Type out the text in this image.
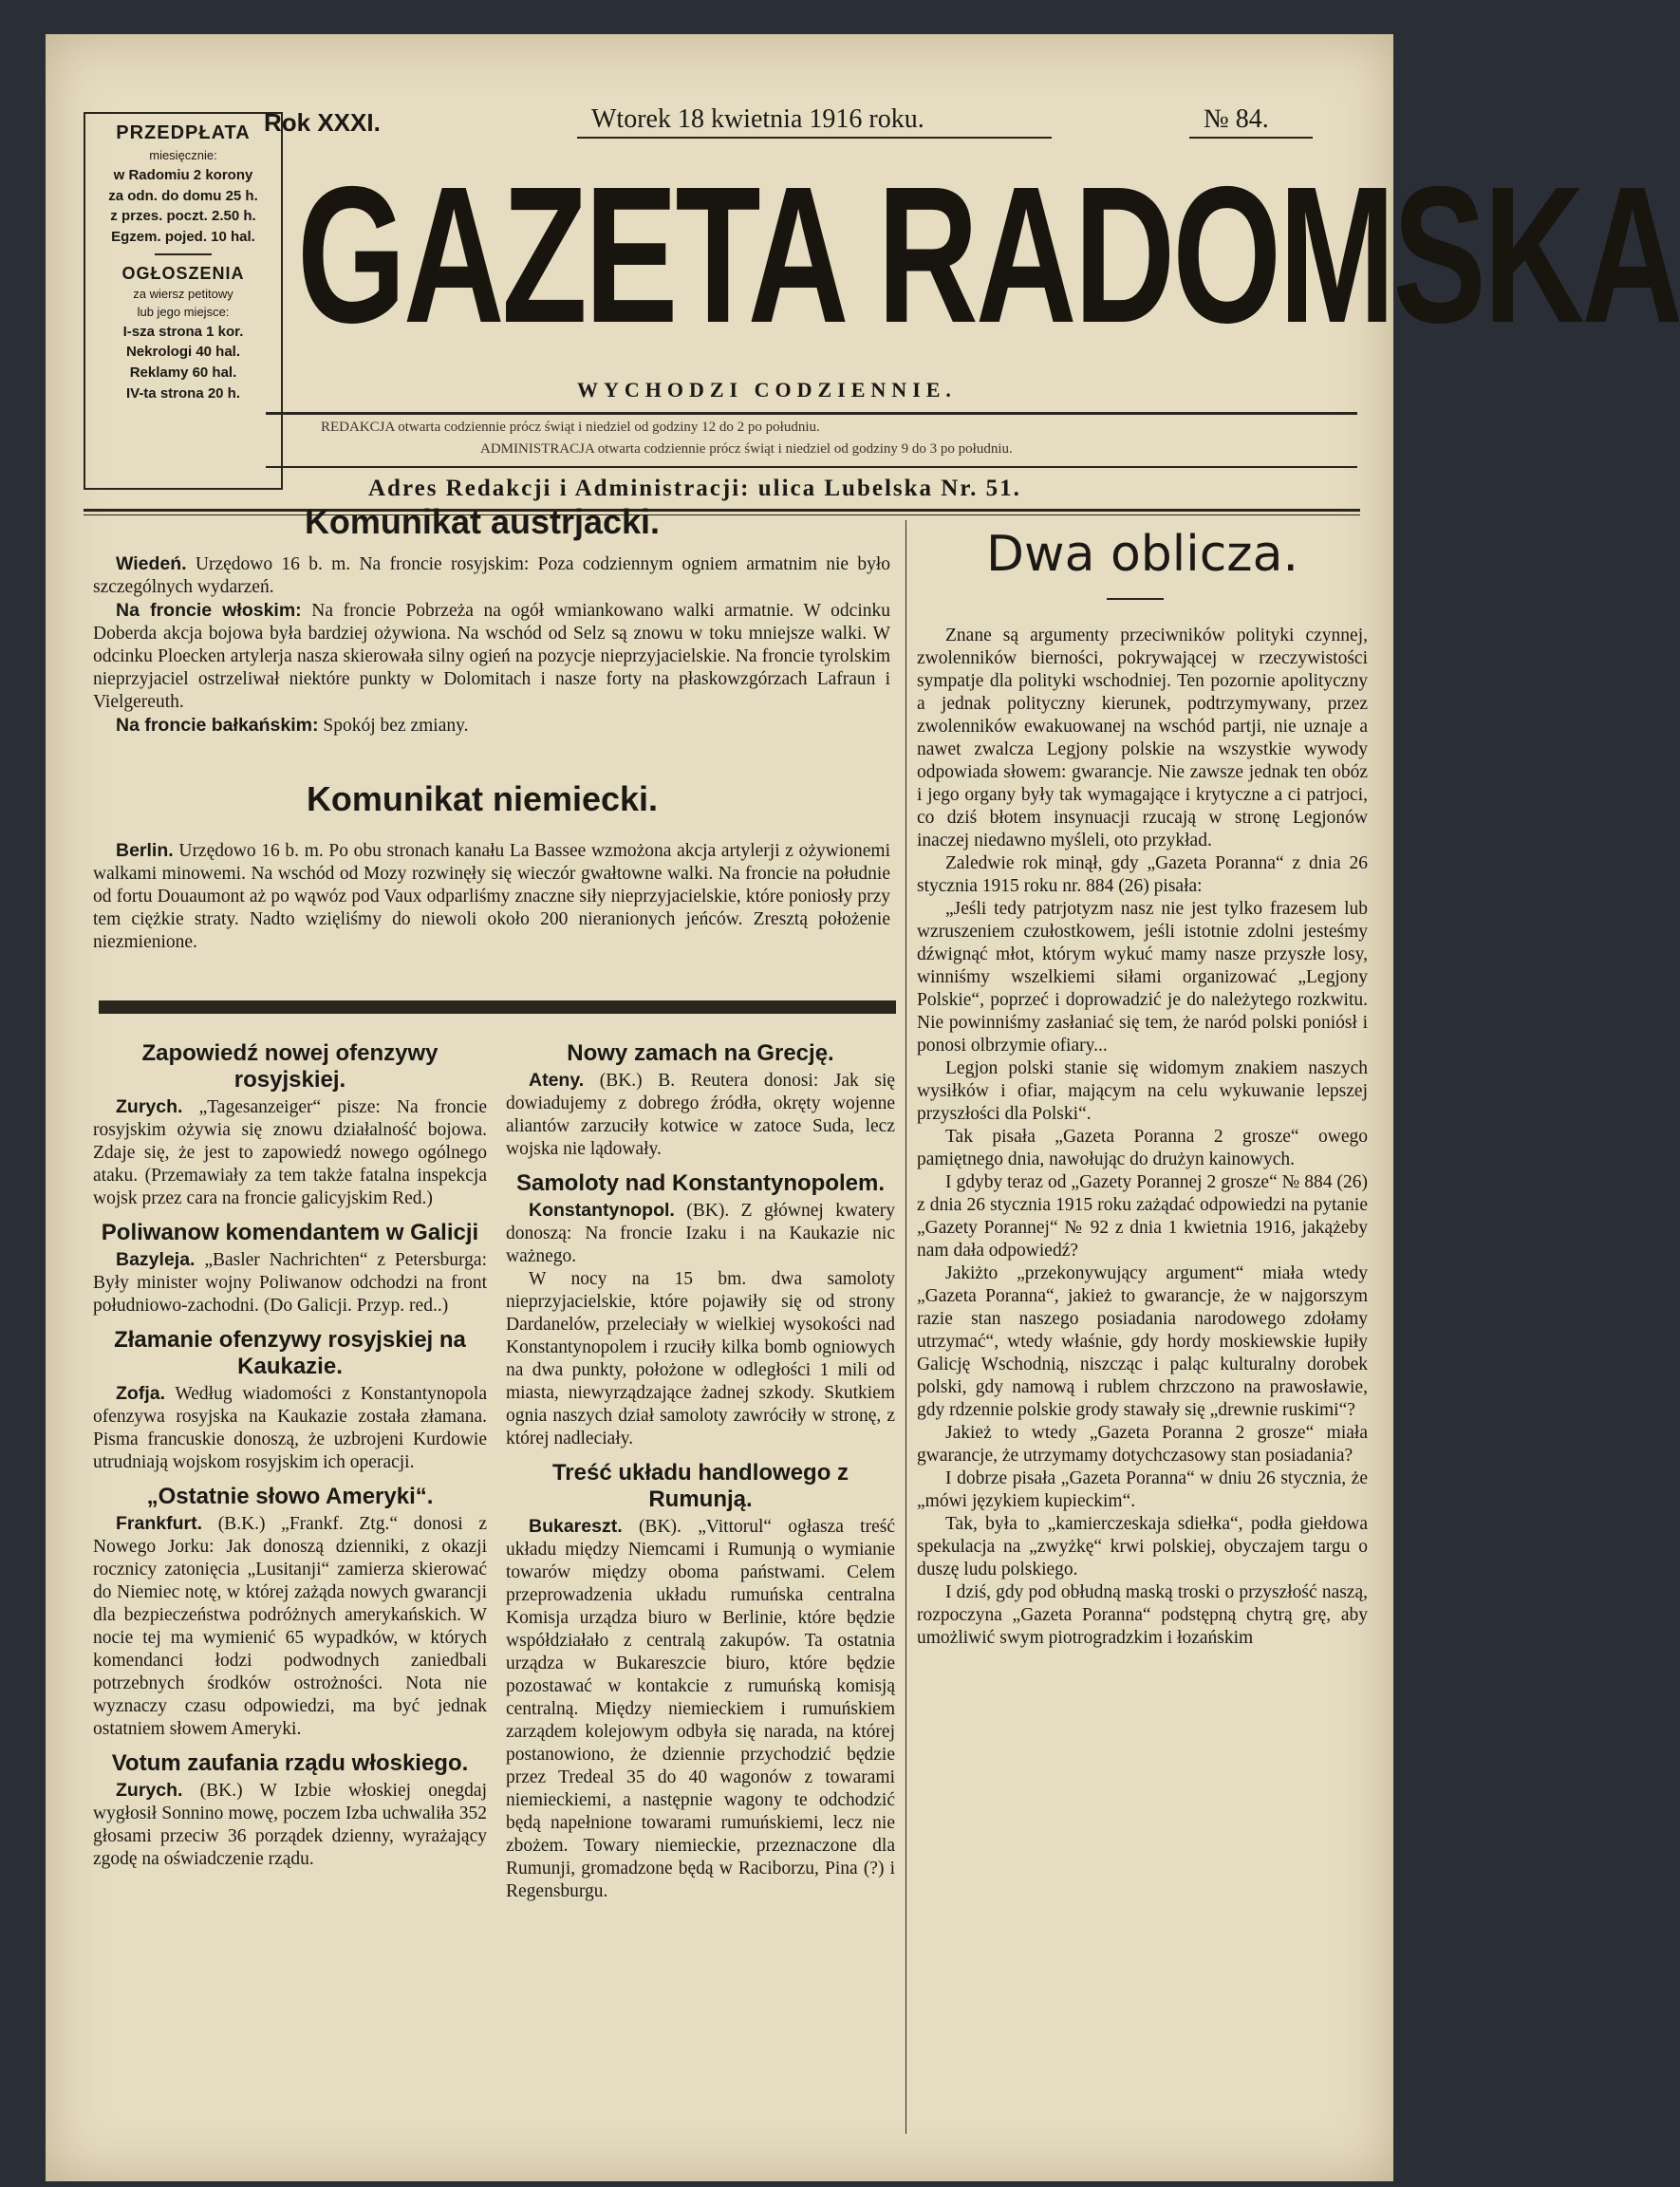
PRZEDPŁATA
miesięcznie:
w Radomiu 2 korony
za odn. do domu 25 h.
z przes. poczt. 2.50 h.
Egzem. pojed. 10 hal.
OGŁOSZENIA
za wiersz petitowy
lub jego miejsce:
I-sza strona 1 kor.
Nekrologi 40 hal.
Reklamy 60 hal.
IV-ta strona 20 h.
Rok XXXI.	Wtorek 18 kwietnia 1916 roku.	№ 84.
GAZETA RADOMSKA
WYCHODZI CODZIENNIE.
REDAKCJA otwarta codziennie prócz świąt i niedziel od godziny 12 do 2 po południu.
ADMINISTRACJA otwarta codziennie prócz świąt i niedziel od godziny 9 do 3 po południu.
Adres Redakcji i Administracji: ulica Lubelska Nr. 51.
Komunikat austrjacki.

Wiedeń. Urzędowo 16 b. m. Na froncie rosyjskim: Poza codziennym ogniem armatnim nie było szczególnych wydarzeń.

Na froncie włoskim: Na froncie Pobrzeża na ogół wmiankowano walki armatnie. W odcinku Doberda akcja bojowa była bardziej ożywiona. Na wschód od Selz są znowu w toku mniejsze walki. W odcinku Ploecken artylerja nasza skierowała silny ogień na pozycje nieprzyjacielskie. Na froncie tyrolskim nieprzyjaciel ostrzeliwał niektóre punkty w Dolomitach i nasze forty na płaskowzgórzach Lafraun i Vielgereuth.

Na froncie bałkańskim: Spokój bez zmiany.

Komunikat niemiecki.

Berlin. Urzędowo 16 b. m. Po obu stronach kanału La Bassee wzmożona akcja artylerji z ożywionemi walkami minowemi. Na wschód od Mozy rozwinęły się wieczór gwałtowne walki. Na froncie na południe od fortu Douaumont aż po wąwóz pod Vaux odparliśmy znaczne siły nieprzyjacielskie, które poniosły przy tem ciężkie straty. Nadto wzięliśmy do niewoli około 200 nieranionych jeńców. Zresztą położenie niezmienione.

Zapowiedź nowej ofenzywy rosyjskiej.

Zurych. „Tagesanzeiger“ pisze: Na froncie rosyjskim ożywia się znowu działalność bojowa. Zdaje się, że jest to zapowiedź nowego ogólnego ataku. (Przemawiały za tem także fatalna inspekcja wojsk przez cara na froncie galicyjskim Red.)

Poliwanow komendantem w Galicji

Bazyleja. „Basler Nachrichten“ z Petersburga: Były minister wojny Poliwanow odchodzi na front południowo-zachodni. (Do Galicji. Przyp. red..)

Złamanie ofenzywy rosyjskiej na Kaukazie.

Zofja. Według wiadomości z Konstantynopola ofenzywa rosyjska na Kaukazie została złamana. Pisma francuskie donoszą, że uzbrojeni Kurdowie utrudniają wojskom rosyjskim ich operacji.

„Ostatnie słowo Ameryki“.

Frankfurt. (B.K.) „Frankf. Ztg.“ donosi z Nowego Jorku: Jak donoszą dzienniki, z okazji rocznicy zatonięcia „Lusitanji“ zamierza skierować do Niemiec notę, w której zażąda nowych gwarancji dla bezpieczeństwa podróżnych amerykańskich. W nocie tej ma wymienić 65 wypadków, w których komendanci łodzi podwodnych zaniedbali potrzebnych środków ostrożności. Nota nie wyznaczy czasu odpowiedzi, ma być jednak ostatniem słowem Ameryki.

Votum zaufania rządu włoskiego.

Zurych. (BK.) W Izbie włoskiej onegdaj wygłosił Sonnino mowę, poczem Izba uchwaliła 352 głosami przeciw 36 porządek dzienny, wyrażający zgodę na oświadczenie rządu.

Nowy zamach na Grecję.

Ateny. (BK.) B. Reutera donosi: Jak się dowiadujemy z dobrego źródła, okręty wojenne aliantów zarzuciły kotwice w zatoce Suda, lecz wojska nie lądowały.

Samoloty nad Konstantynopolem.

Konstantynopol. (BK). Z głównej kwatery donoszą: Na froncie Izaku i na Kaukazie nic ważnego.

W nocy na 15 bm. dwa samoloty nieprzyjacielskie, które pojawiły się od strony Dardanelów, przeleciały w wielkiej wysokości nad Konstantynopolem i rzuciły kilka bomb ogniowych na dwa punkty, położone w odległości 1 mili od miasta, niewyrządzające żadnej szkody. Skutkiem ognia naszych dział samoloty zawróciły w stronę, z której nadleciały.

Treść układu handlowego z Rumunją.

Bukareszt. (BK). „Vittorul“ ogłasza treść układu między Niemcami i Rumunją o wymianie towarów między oboma państwami. Celem przeprowadzenia układu rumuńska centralna Komisja urządza biuro w Berlinie, które będzie współdziałało z centralą zakupów. Ta ostatnia urządza w Bukareszcie biuro, które będzie pozostawać w kontakcie z rumuńską komisją centralną. Między niemieckiem i rumuńskiem zarządem kolejowym odbyła się narada, na której postanowiono, że dziennie przychodzić będzie przez Tredeal 35 do 40 wagonów z towarami niemieckiemi, a następnie wagony te odchodzić będą napełnione towarami rumuńskiemi, lecz nie zbożem. Towary niemieckie, przeznaczone dla Rumunji, gromadzone będą w Raciborzu, Pina (?) i Regensburgu.

Dwa oblicza.

Znane są argumenty przeciwników polityki czynnej, zwolenników bierności, pokrywającej w rzeczywistości sympatje dla polityki wschodniej. Ten pozornie apolityczny a jednak polityczny kierunek, podtrzymywany, przez zwolenników ewakuowanej na wschód partji, nie uznaje a nawet zwalcza Legjony polskie na wszystkie wywody odpowiada słowem: gwarancje. Nie zawsze jednak ten obóz i jego organy były tak wymagające i krytyczne a ci patrjoci, co dziś błotem insynuacji rzucają w stronę Legjonów inaczej niedawno myśleli, oto przykład.

Zaledwie rok minął, gdy „Gazeta Poranna“ z dnia 26 stycznia 1915 roku nr. 884 (26) pisała:

„Jeśli tedy patrjotyzm nasz nie jest tylko frazesem lub wzruszeniem czułostkowem, jeśli istotnie zdolni jesteśmy dźwignąć młot, którym wykuć mamy nasze przyszłe losy, winniśmy wszelkiemi siłami organizować „Legjony Polskie“, poprzeć i doprowadzić je do należytego rozkwitu. Nie powinniśmy zasłaniać się tem, że naród polski poniósł i ponosi olbrzymie ofiary...

Legjon polski stanie się widomym znakiem naszych wysiłków i ofiar, mającym na celu wykuwanie lepszej przyszłości dla Polski“.

Tak pisała „Gazeta Poranna 2 grosze“ owego pamiętnego dnia, nawołując do drużyn kainowych.

I gdyby teraz od „Gazety Porannej 2 grosze“ № 884 (26) z dnia 26 stycznia 1915 roku zażądać odpowiedzi na pytanie „Gazety Porannej“ № 92 z dnia 1 kwietnia 1916, jakążeby nam dała odpowiedź?

Jakiżto „przekonywujący argument“ miała wtedy „Gazeta Poranna“, jakież to gwarancje, że w najgorszym razie stan naszego posiadania narodowego zdołamy utrzymać“, wtedy właśnie, gdy hordy moskiewskie łupiły Galicję Wschodnią, niszcząc i paląc kulturalny dorobek polski, gdy namową i rublem chrzczono na prawosławie, gdy rdzennie polskie grody stawały się „drewnie ruskimi“?

Jakież to wtedy „Gazeta Poranna 2 grosze“ miała gwarancje, że utrzymamy dotychczasowy stan posiadania?

I dobrze pisała „Gazeta Poranna“ w dniu 26 stycznia, że „mówi językiem kupieckim“.

Tak, była to „kamierczeskaja sdiełka“, podła giełdowa spekulacja na „zwyżkę“ krwi polskiej, obyczajem targu o duszę ludu polskiego.

I dziś, gdy pod obłudną maską troski o przyszłość naszą, rozpoczyna „Gazeta Poranna“ podstępną chytrą grę, aby umożliwić swym piotrogradzkim i łozańskim
